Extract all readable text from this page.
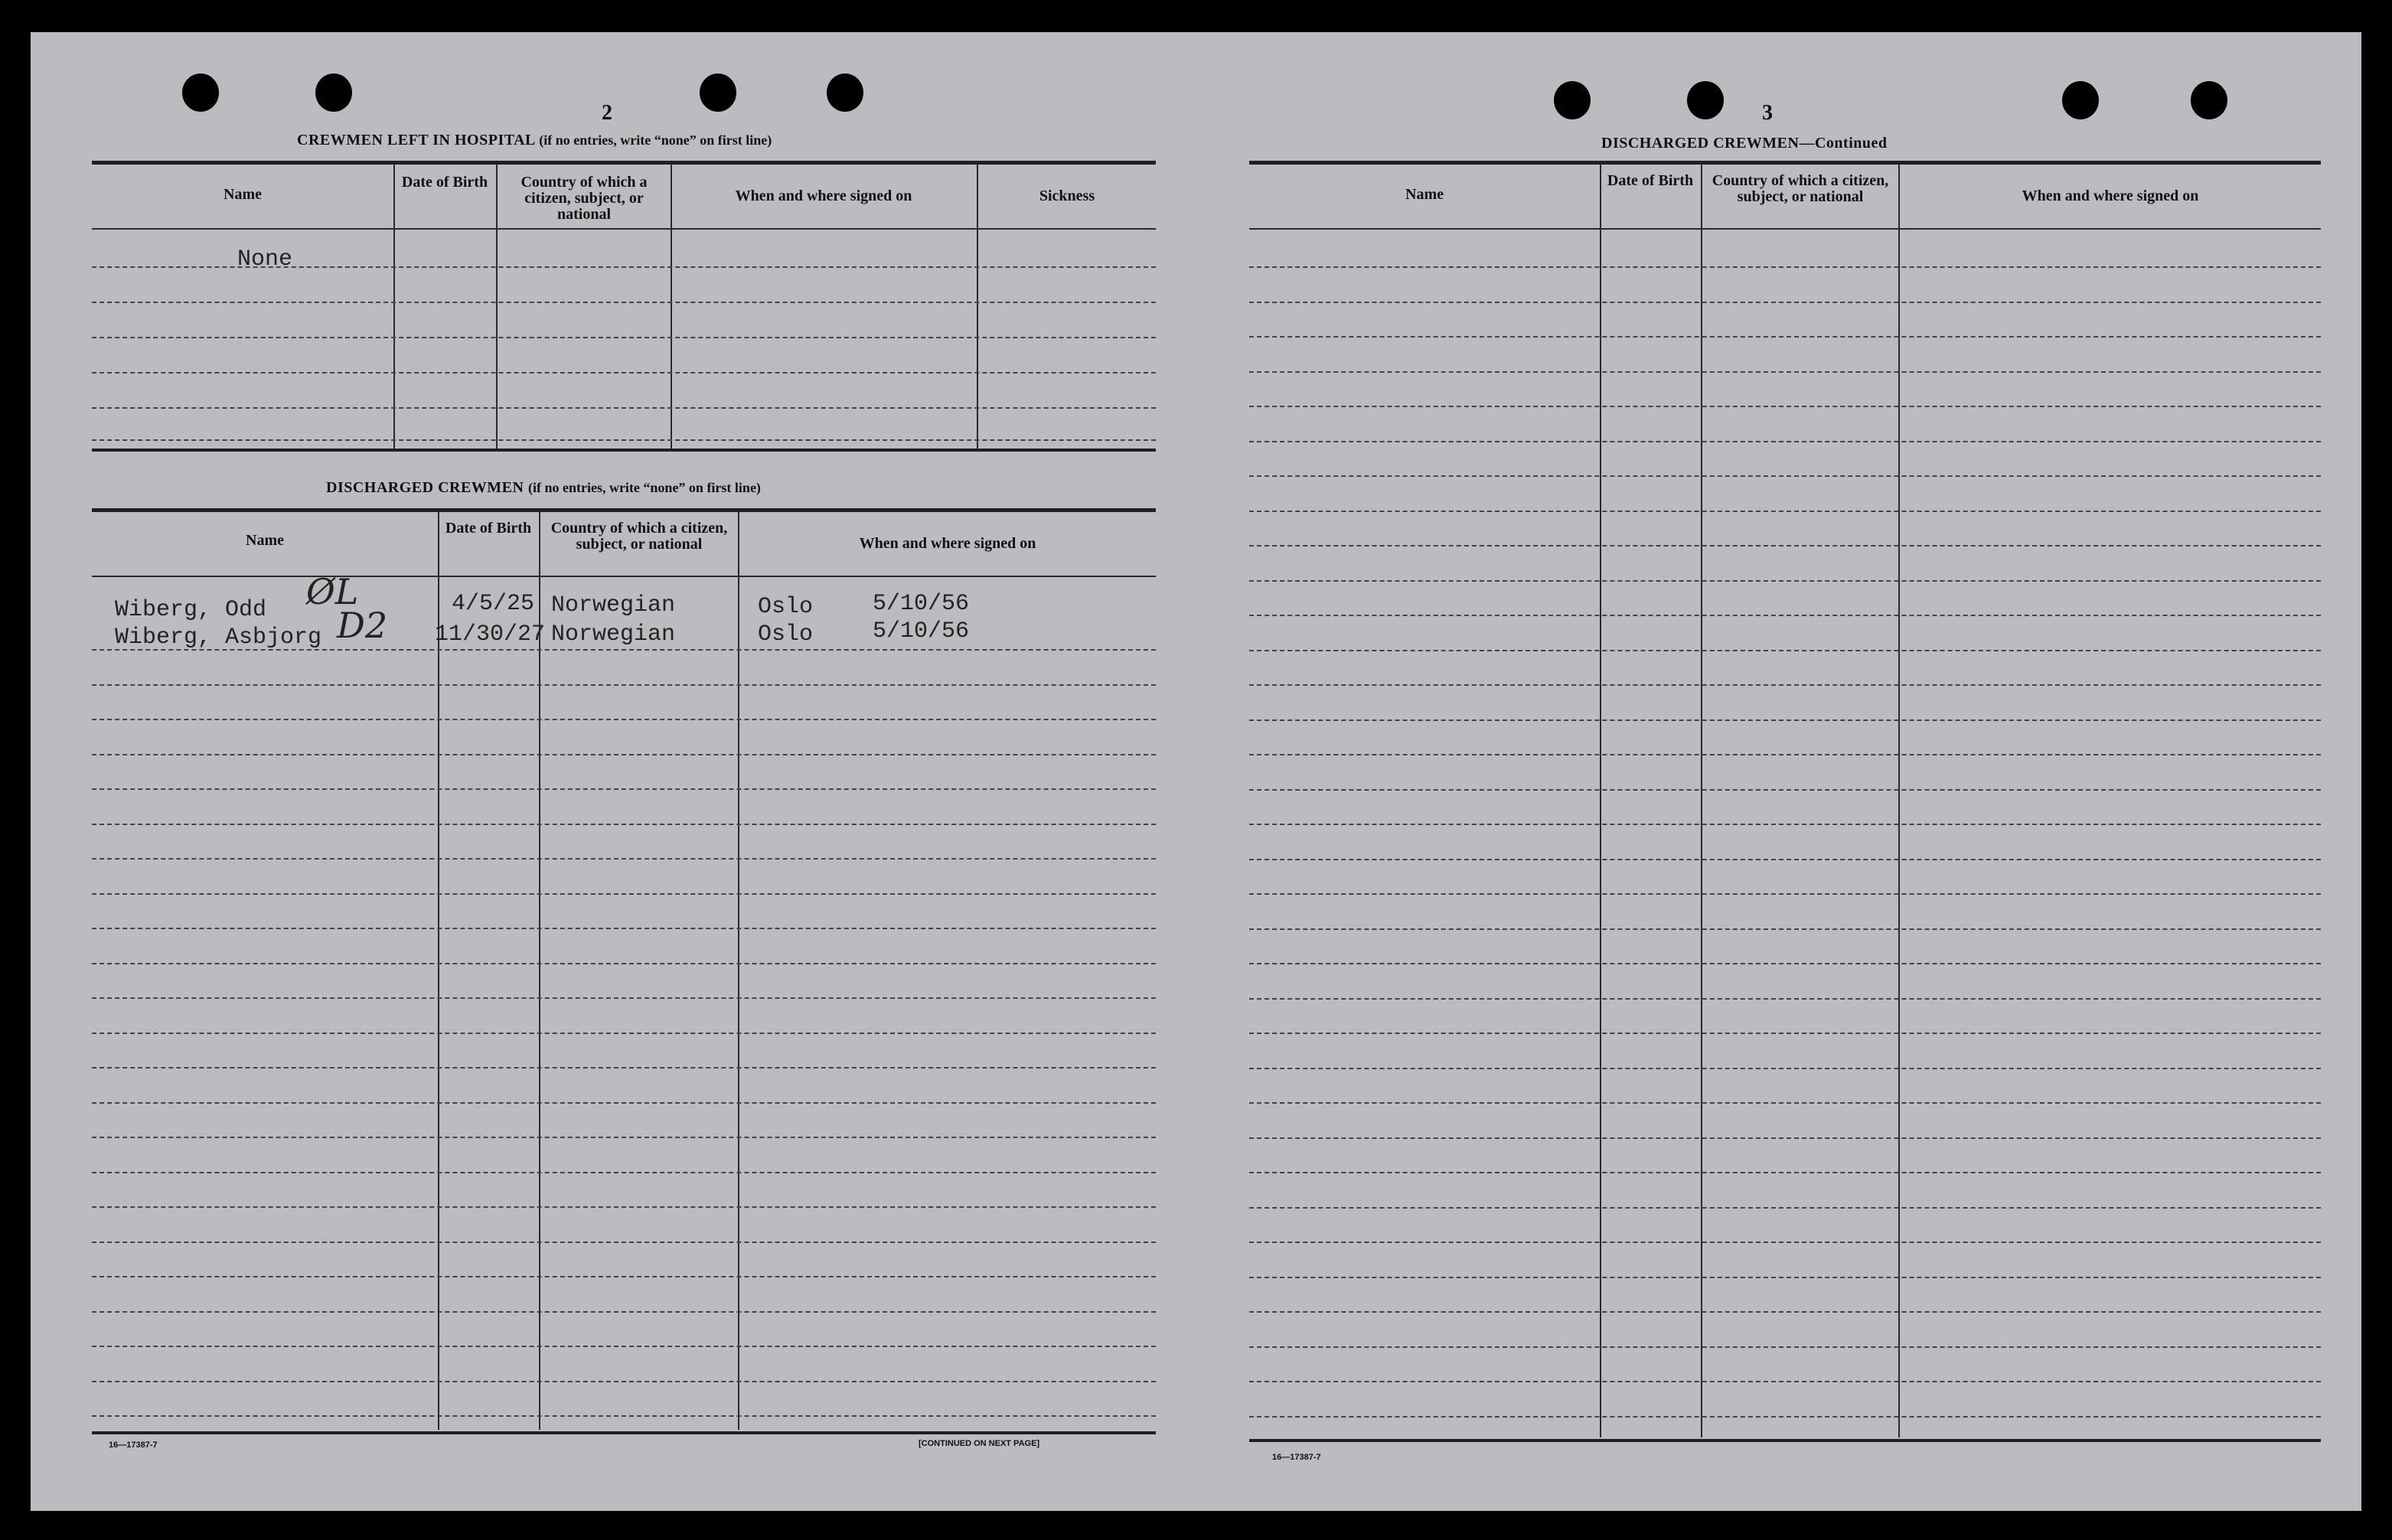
2
CREWMEN LEFT IN HOSPITAL (if no entries, write “none” on first line)
Name
Date of Birth	Country of which a citizen, subject, or national
When and where signed on	Sickness
None
DISCHARGED CREWMEN (if no entries, write “none” on first line)
Name
Date of Birth	Country of which a citizen, subject, or national	When and where signed on
Wiberg, Odd ØL	4/5/25 Norwegian	Oslo	5/10/56
Wiberg, Asbjorg D2 11/30/27 Norwegian	Oslo	5/10/56
16—17387-7	[CONTINUED ON NEXT PAGE]
3
DISCHARGED CREWMEN—Continued
Name
Date of Birth	Country of which a citizen, subject, or national	When and where signed on
16—17387-7
